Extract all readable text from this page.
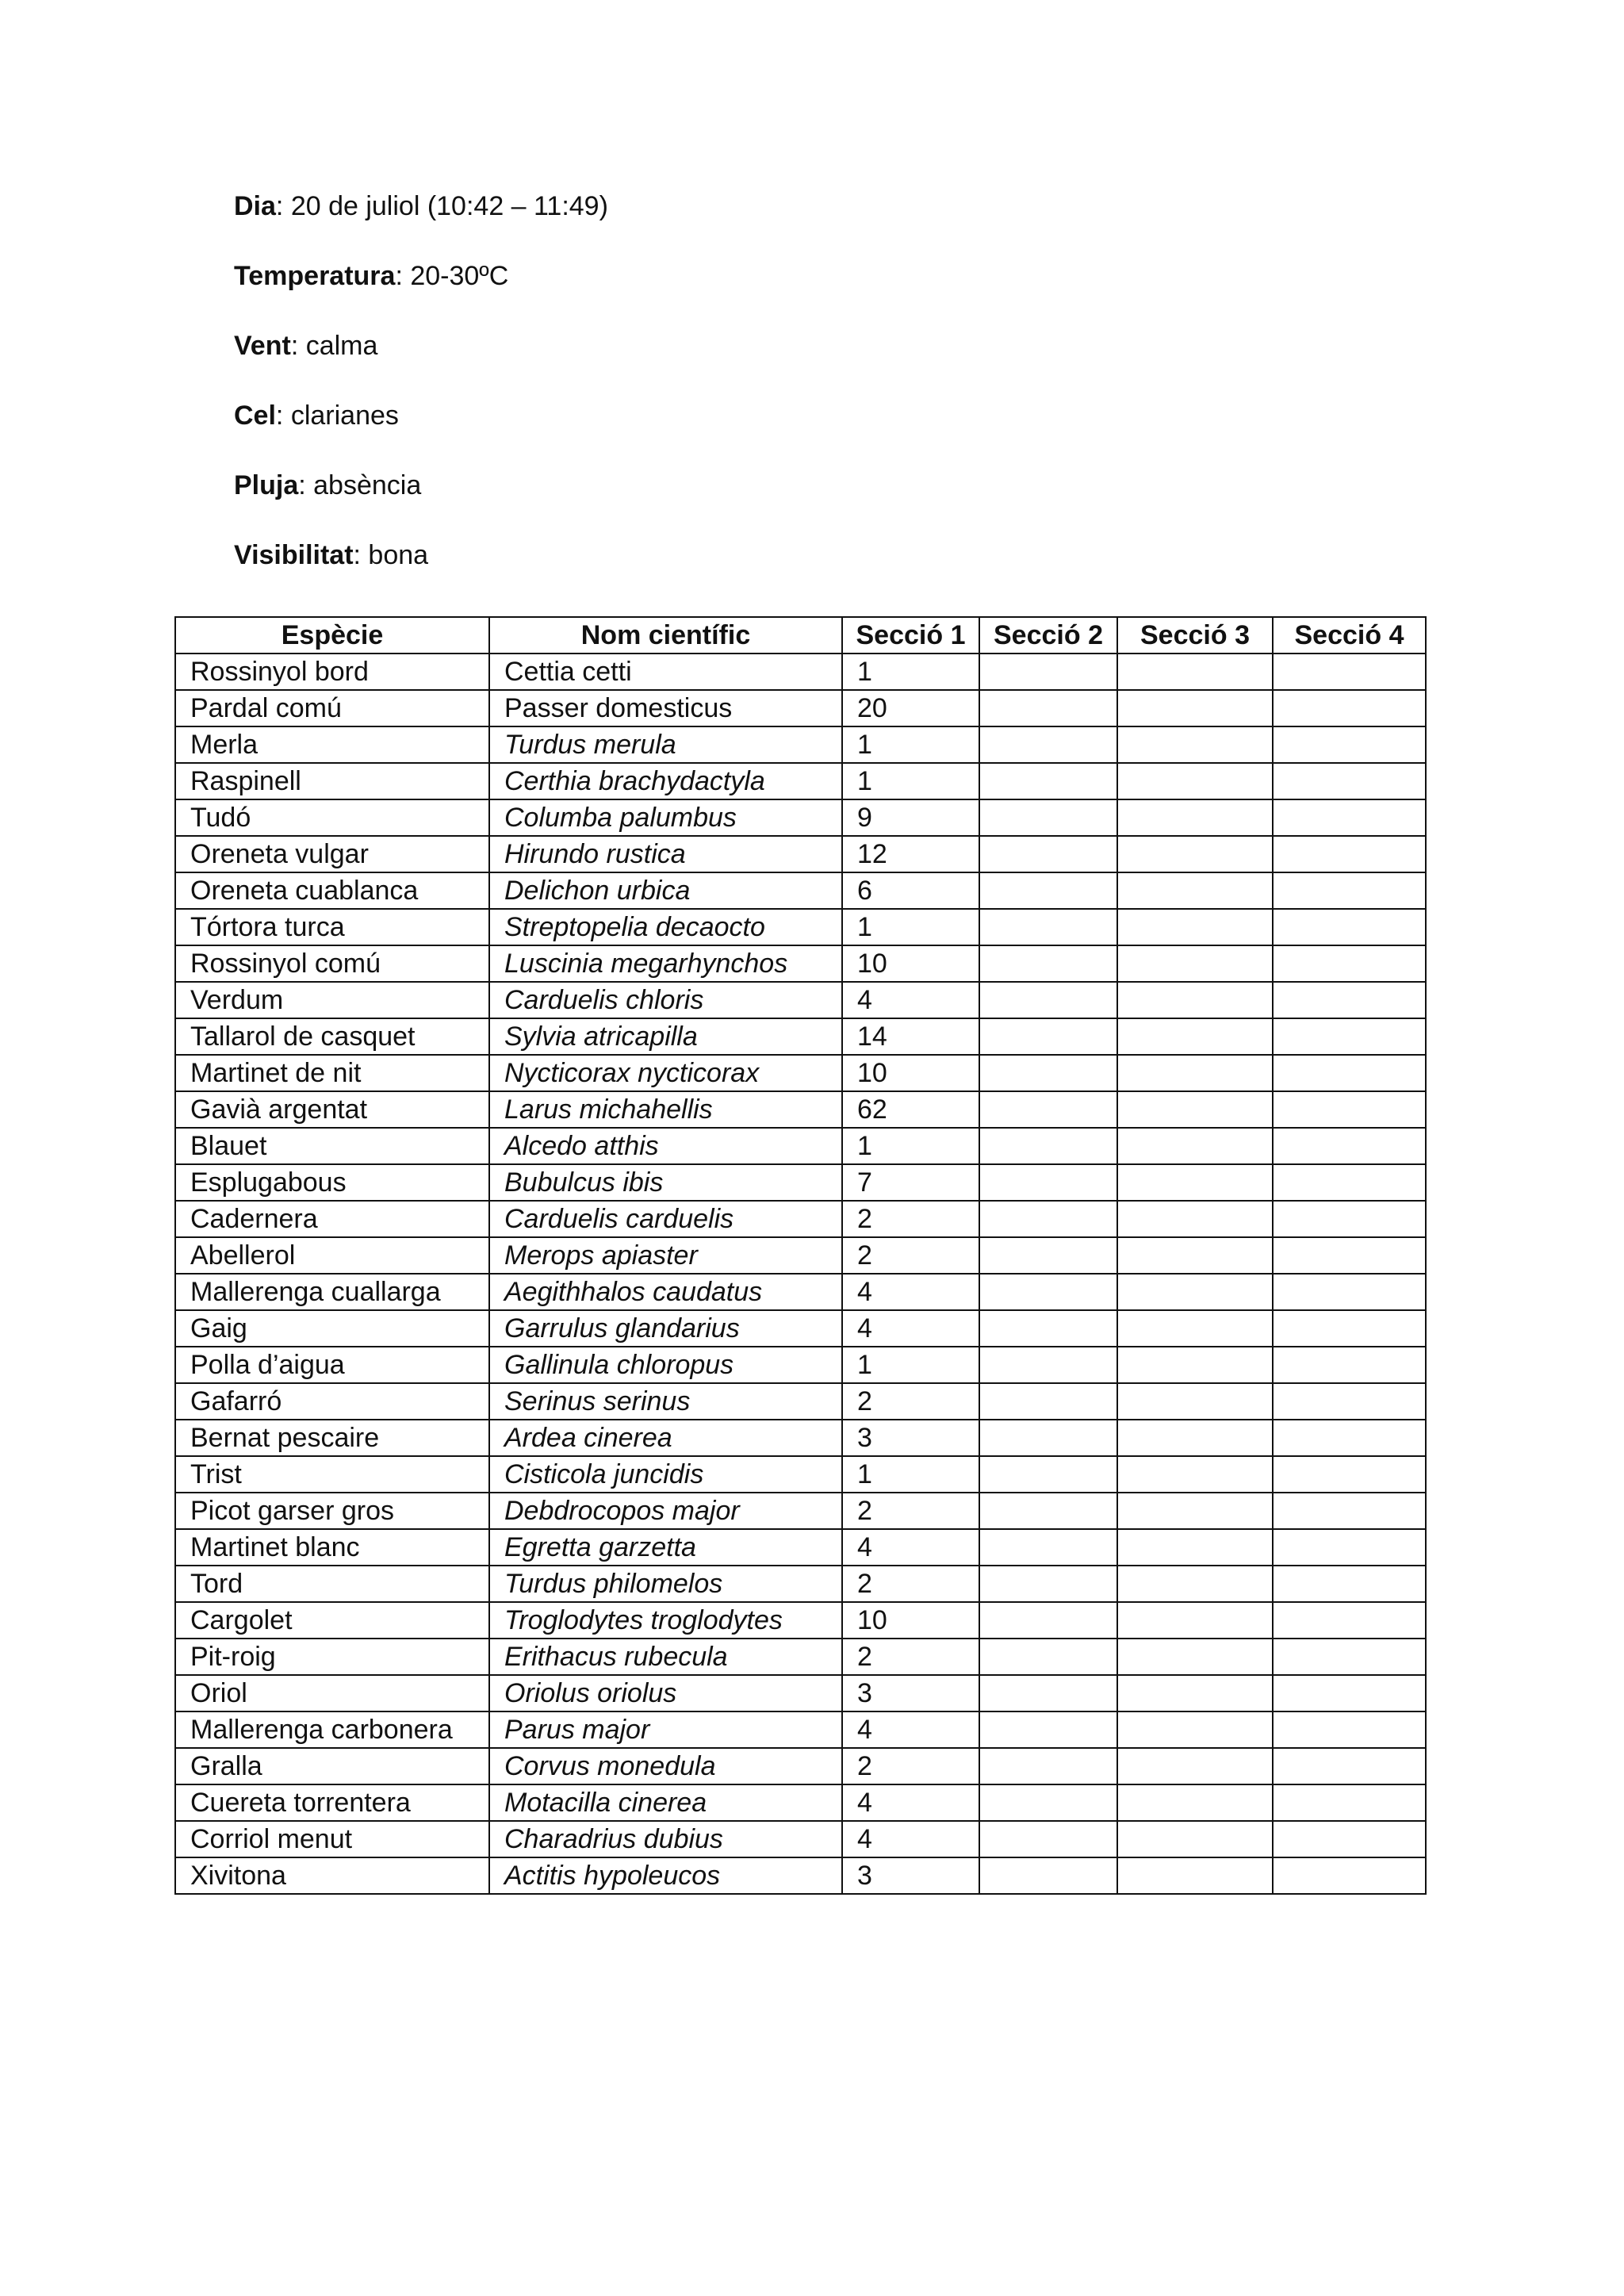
Dia: 20 de juliol (10:42 – 11:49)
Temperatura: 20-30ºC
Vent: calma
Cel: clarianes
Pluja: absència
Visibilitat: bona
Espècie	Nom científic	Secció 1	Secció 2	Secció 3	Secció 4
Rossinyol bord	Cettia cetti	1			
Pardal comú	Passer domesticus	20			
Merla	Turdus merula	1			
Raspinell	Certhia brachydactyla	1			
Tudó	Columba palumbus	9			
Oreneta vulgar	Hirundo rustica	12			
Oreneta cuablanca	Delichon urbica	6			
Tórtora turca	Streptopelia decaocto	1			
Rossinyol comú	Luscinia megarhynchos	10			
Verdum	Carduelis chloris	4			
Tallarol de casquet	Sylvia atricapilla	14			
Martinet de nit	Nycticorax nycticorax	10			
Gavià argentat	Larus michahellis	62			
Blauet	Alcedo atthis	1			
Esplugabous	Bubulcus ibis	7			
Cadernera	Carduelis carduelis	2			
Abellerol	Merops apiaster	2			
Mallerenga cuallarga	Aegithhalos caudatus	4			
Gaig	Garrulus glandarius	4			
Polla d’aigua	Gallinula chloropus	1			
Gafarró	Serinus serinus	2			
Bernat pescaire	Ardea cinerea	3			
Trist	Cisticola juncidis	1			
Picot garser gros	Debdrocopos major	2			
Martinet blanc	Egretta garzetta	4			
Tord	Turdus philomelos	2			
Cargolet	Troglodytes troglodytes	10			
Pit-roig	Erithacus rubecula	2			
Oriol	Oriolus oriolus	3			
Mallerenga carbonera	Parus major	4			
Gralla	Corvus monedula	2			
Cuereta torrentera	Motacilla cinerea	4			
Corriol menut	Charadrius dubius	4			
Xivitona	Actitis hypoleucos	3			
